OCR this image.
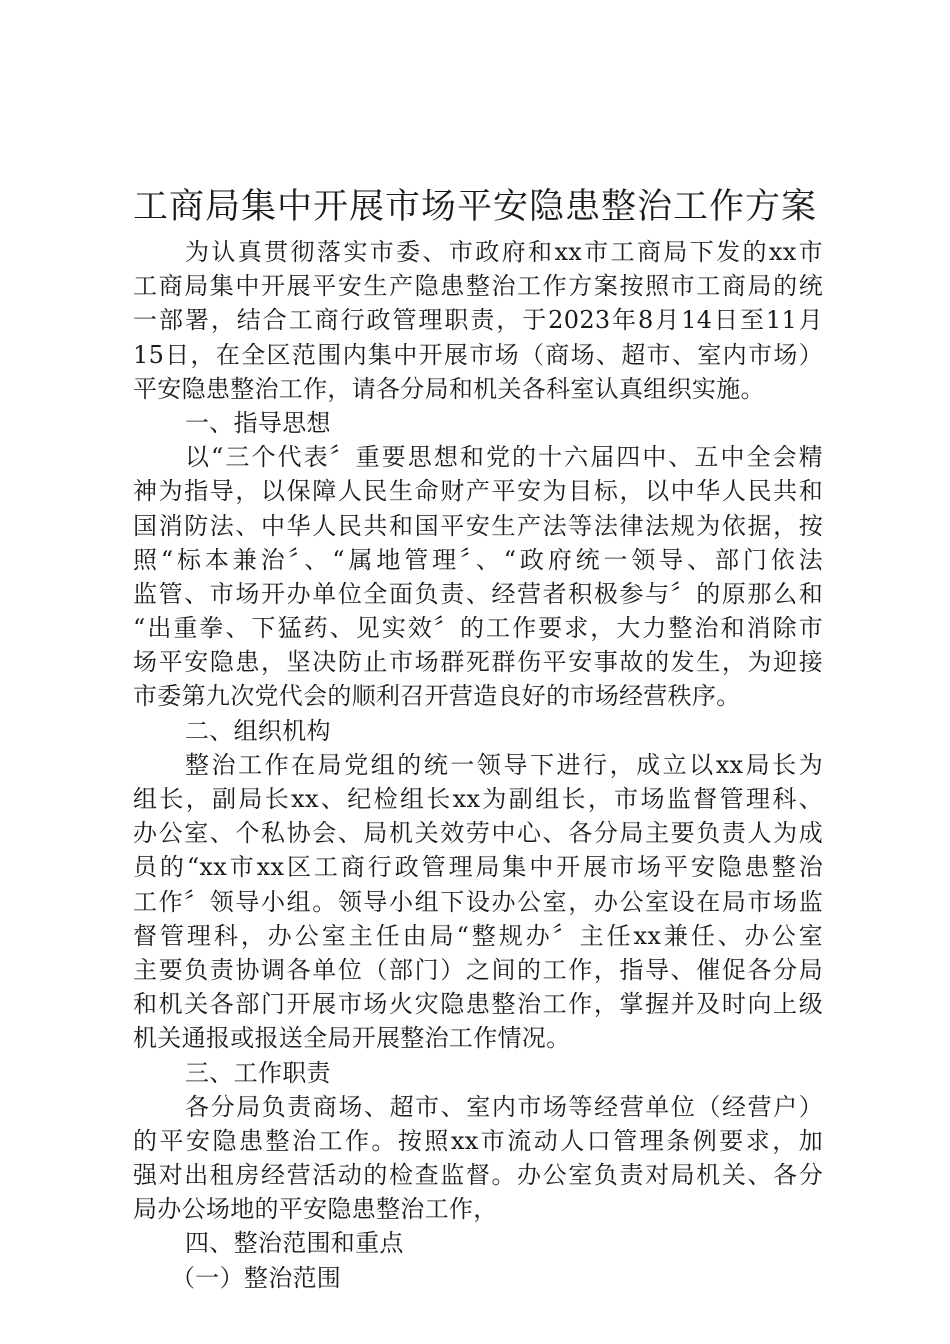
工商局集中开展市场平安隐患整治工作方案
为认真贯彻落实市委、市政府和xx市工商局下发的xx市
工商局集中开展平安生产隐患整治工作方案按照市工商局的统
一部署，结合工商行政管理职责，于2023年8月14日至11月
15日，在全区范围内集中开展市场（商场、超市、室内市场）
平安隐患整治工作，请各分局和机关各科室认真组织实施。
一、指导思想
以“三个代表〞重要思想和党的十六届四中、五中全会精
神为指导，以保障人民生命财产平安为目标，以中华人民共和
国消防法、中华人民共和国平安生产法等法律法规为依据，按
照“标本兼治〞、“属地管理〞、“政府统一领导、部门依法
监管、市场开办单位全面负责、经营者积极参与〞的原那么和
“出重拳、下猛药、见实效〞的工作要求，大力整治和消除市
场平安隐患，坚决防止市场群死群伤平安事故的发生，为迎接
市委第九次党代会的顺利召开营造良好的市场经营秩序。
二、组织机构
整治工作在局党组的统一领导下进行，成立以xx局长为
组长，副局长xx、纪检组长xx为副组长，市场监督管理科、
办公室、个私协会、局机关效劳中心、各分局主要负责人为成
员的“xx市xx区工商行政管理局集中开展市场平安隐患整治
工作〞领导小组。领导小组下设办公室，办公室设在局市场监
督管理科，办公室主任由局“整规办〞主任xx兼任、办公室
主要负责协调各单位（部门）之间的工作，指导、催促各分局
和机关各部门开展市场火灾隐患整治工作，掌握并及时向上级
机关通报或报送全局开展整治工作情况。
三、工作职责
各分局负责商场、超市、室内市场等经营单位（经营户）
的平安隐患整治工作。按照xx市流动人口管理条例要求，加
强对出租房经营活动的检查监督。办公室负责对局机关、各分
局办公场地的平安隐患整治工作，
四、整治范围和重点
（一）整治范围
